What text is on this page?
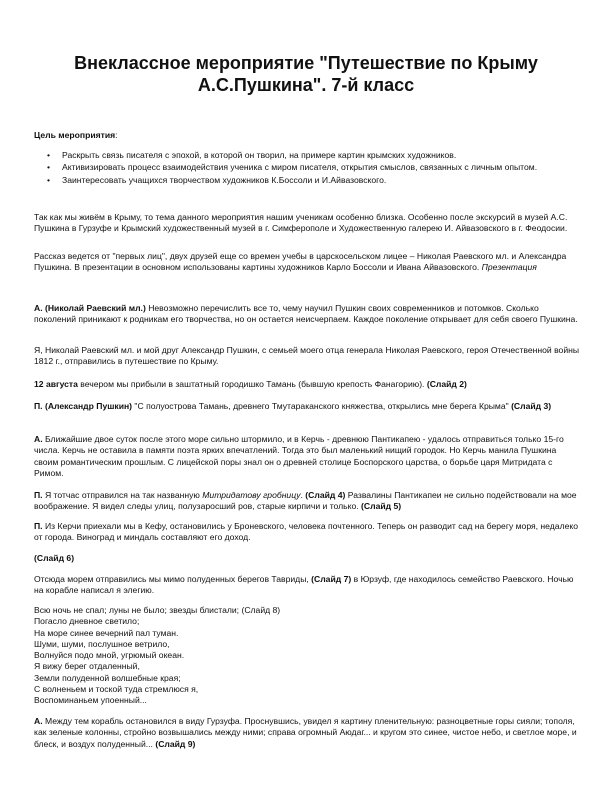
Внеклассное мероприятие "Путешествие по Крыму
А.С.Пушкина". 7-й класс

Цель мероприятия:

• Раскрыть связь писателя с эпохой, в которой он творил, на примере картин крымских художников.
• Активизировать процесс взаимодействия ученика с миром писателя, открытия смыслов, связанных с личным опытом.
• Заинтересовать учащихся творчеством художников К.Боссоли и И.Айвазовского.

Так как мы живём в Крыму, то тема данного мероприятия нашим ученикам особенно близка. Особенно после экскурсий в музей А.С. Пушкина в Гурзуфе и Крымский художественный музей в г. Симферополе и Художественную галерею И. Айвазовского в г. Феодосии.

Рассказ ведется от "первых лиц", двух друзей еще со времен учебы в царскосельском лицее – Николая Раевского мл. и Александра Пушкина. В презентации в основном использованы картины художников Карло Боссоли и Ивана Айвазовского. Презентация

А. (Николай Раевский мл.) Невозможно перечислить все то, чему научил Пушкин своих современников и потомков. Сколько поколений приникают к родникам его творчества, но он остается неисчерпаем. Каждое поколение открывает для себя своего Пушкина.

Я, Николай Раевский мл. и мой друг Александр Пушкин, с семьей моего отца генерала Николая Раевского, героя Отечественной войны 1812 г., отправились в путешествие по Крыму.

12 августа вечером мы прибыли в заштатный городишко Тамань (бывшую крепость Фанагорию). (Слайд 2)

П. (Александр Пушкин) "С полуострова Тамань, древнего Тмутараканского княжества, открылись мне берега Крыма" (Слайд 3)

А. Ближайшие двое суток после этого море сильно штормило, и в Керчь - древнюю Пантикапею - удалось отправиться только 15-го числа. Керчь не оставила в памяти поэта ярких впечатлений. Тогда это был маленький нищий городок. Но Керчь манила Пушкина своим романтическим прошлым. С лицейской поры знал он о древней столице Боспорского царства, о борьбе царя Митридата с Римом.

П. Я тотчас отправился на так названную Митридатову гробницу. (Слайд 4) Развалины Пантикапеи не сильно подействовали на мое воображение. Я видел следы улиц, полузаросший ров, старые кирпичи и только. (Слайд 5)

П. Из Керчи приехали мы в Кефу, остановились у Броневского, человека почтенного. Теперь он разводит сад на берегу моря, недалеко от города. Виноград и миндаль составляют его доход.

(Слайд 6)

Отсюда морем отправились мы мимо полуденных берегов Тавриды, (Слайд 7) в Юрзуф, где находилось семейство Раевского. Ночью на корабле написал я элегию.

Всю ночь не спал; луны не было; звезды блистали; (Слайд 8)
Погасло дневное светило;
На море синее вечерний пал туман.
Шуми, шуми, послушное ветрило,
Волнуйся подо мной, угрюмый океан.
Я вижу берег отдаленный,
Земли полуденной волшебные края;
С волненьем и тоской туда стремлюся я,
Воспоминаньем упоенный...

А. Между тем корабль остановился в виду Гурзуфа. Проснувшись, увидел я картину пленительную: разноцветные горы сияли; тополя, как зеленые колонны, стройно возвышались между ними; справа огромный Аюдаг... и кругом это синее, чистое небо, и светлое море, и блеск, и воздух полуденный... (Слайд 9)
